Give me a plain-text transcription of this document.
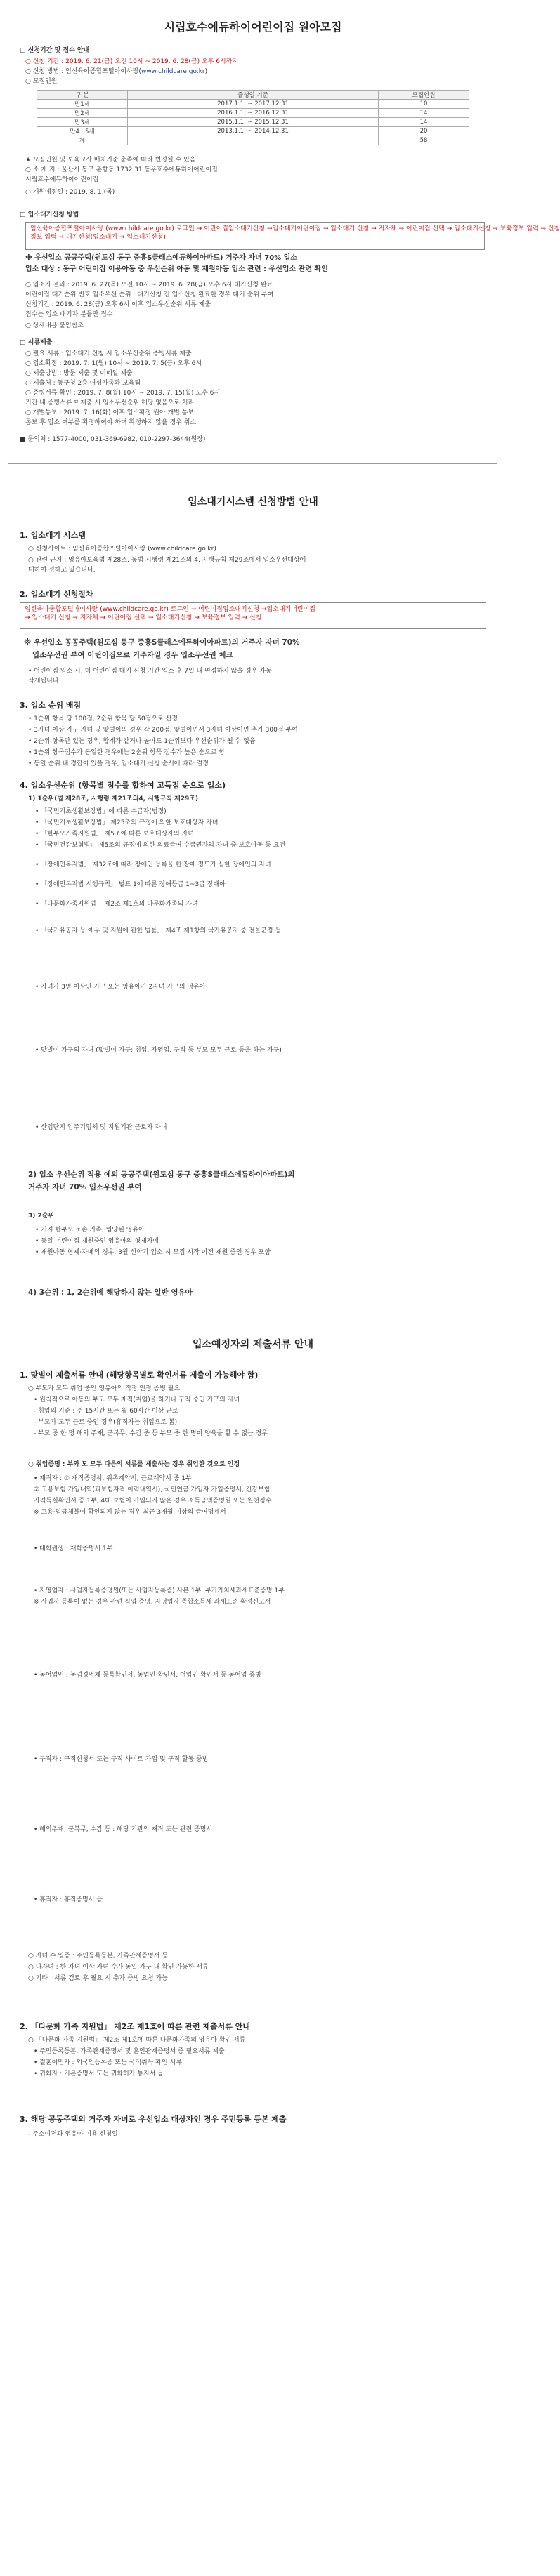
시립호수에듀하이어린이집 원아모집
□ 신청기간 및 접수 안내
○ 신청 기간 : 2019. 6. 21(금) 오전 10시 ~ 2019. 6. 28(금) 오후 6시까지
○ 신청 방법 : 임신육아종합포털아이사랑(www.childcare.go.kr)
○ 모집인원
구 분	출생일 기준	모집인원
만1세	2017.1.1. ~ 2017.12.31	10
만2세	2016.1.1. ~ 2016.12.31	14
만3세	2015.1.1. ~ 2015.12.31	14
만4 · 5세	2013.1.1. ~ 2014.12.31	20
계		58
★ 모집인원 및 보육교사 배치기준 충족에 따라 변경될 수 있음
○ 소 재 지 : 울산시 동구 춘향동 1732 31 동우호수에듀하이어린이집
시립호수에듀하이어린이집
○ 개원예정일 : 2019. 8. 1.(목)
□ 입소대기신청 방법
임신육아종합포털아이사랑 (www.childcare.go.kr) 로그인 → 어린이집입소대기신청 →입소대기어린이집 → 입소대기 신청 → 지자체 → 어린이집 선택 → 입소대기신청 → 보육정보 입력 → 신청
정보 입력 → 대기신청(입소대기 → 입소대기신청)
※ 우선입소 공공주택(원도심 동구 중흥S클래스에듀하이아파트) 거주자 자녀 70% 입소
입소 대상 : 동구 어린이집 이용아동 중 우선순위 아동 및 재원아동 입소 관련 : 우선입소 관련 확인
○ 입소자 결과 : 2019. 6. 27(목) 오전 10시 ~ 2019. 6. 28(금) 오후 6시 대기신청 완료
어린이집 대기순위 번호 입소우선 순위 : 대기신청 전 입소신청 완료한 경우 대기 순위 부여
신청기간 : 2019. 6. 28(금) 오후 6시 이후 입소우선순위 서류 제출
접수는 입소 대기자 분들만 접수
○ 상세내용 붙임참조
□ 서류제출
○ 필요 서류 : 입소대기 신청 시 입소우선순위 증빙서류 제출
○ 입소확정 : 2019. 7. 1(월) 10시 ~ 2019. 7. 5(금) 오후 6시
○ 제출방법 : 방문 제출 및 이메일 제출
○ 제출처 : 동구청 2층 여성가족과 보육팀
○ 증빙서류 확인 : 2019. 7. 8(월) 10시 ~ 2019. 7. 15(월) 오후 6시
기간 내 증빙서류 미제출 시 입소우선순위 해당 없음으로 처리
○ 개별통보 : 2019. 7. 16(화) 이후 입소확정 원아 개별 통보
통보 후 입소 여부를 확정하여야 하며 확정하지 않을 경우 취소
■ 문의처 : 1577-4000, 031-369-6982, 010-2297-3644(원장)
입소대기시스템 신청방법 안내
1. 입소대기 시스템
○ 신청사이트 : 임신육아종합포털아이사랑 (www.childcare.go.kr)
○ 관련 근거 : 영유아보육법 제28조, 동법 시행령 제21조의 4, 시행규칙 제29조에서 입소우선대상에
대하여 정하고 있습니다.
2. 입소대기 신청절차
임신육아종합포털아이사랑 (www.childcare.go.kr) 로그인 → 어린이집입소대기신청 →입소대기어린이집
→ 입소대기 신청 → 지자체 → 어린이집 선택 → 입소대기신청 → 보육정보 입력 → 신청
※ 우선입소 공공주택(원도심 동구 중흥S클래스에듀하이아파트)의 거주자 자녀 70%
입소우선권 부여 어린이집으로 거주자일 경우 입소우선권 체크
• 어린이집 입소 시, 더 어린이집 대기 신청 기간 입소 후 7일 내 면접하지 않을 경우 자동
삭제됩니다.
3. 입소 순위 배점
• 1순위 항목 당 100점, 2순위 항목 당 50점으로 산정
• 3자녀 이상 가구 자녀 및 맞벌이의 경우 각 200점, 맞벌이면서 3자녀 이상이면 추가 300점 부여
• 2순위 항목만 있는 경우, 합계가 같거나 높아도 1순위보다 우선순위가 될 수 없음
• 1순위 항목점수가 동일한 경우에는 2순위 항목 점수가 높은 순으로 함
• 동일 순위 내 경합이 있을 경우, 입소대기 신청 순서에 따라 결정
4. 입소우선순위 (항목별 점수를 합하여 고득점 순으로 입소)
1) 1순위(법 제28조, 시행령 제21조의4, 시행규칙 제29조)
• 「국민기초생활보장법」에 따른 수급자(법정)
• 「국민기초생활보장법」 제25조의 규정에 의한 보호대상자 자녀
• 「한부모가족지원법」 제5조에 따른 보호대상자의 자녀
• 「국민건강보험법」 제5조의 규정에 의한 의료급여 수급권자의 자녀 중 보호아동 등 요건
• 「장애인복지법」 제32조에 따라 장애인 등록을 한 장애 정도가 심한 장애인의 자녀
• 「장애인복지법 시행규칙」 별표 1에 따른 장애등급 1~3급 장애아
• 「다문화가족지원법」 제2조 제1호의 다문화가족의 자녀
• 「국가유공자 등 예우 및 지원에 관한 법률」 제4조 제1항의 국가유공자 중 전몰군경 등
• 자녀가 3명 이상인 가구 또는 영유아가 2자녀 가구의 영유아
• 맞벌이 가구의 자녀 (맞벌이 가구: 취업, 자영업, 구직 등 부모 모두 근로 등을 하는 가구)
• 산업단지 입주기업체 및 지원기관 근로자 자녀
2) 입소 우선순위 적용 예외 공공주택(원도심 동구 중흥S클래스에듀하이아파트)의
거주자 자녀 70% 입소우선권 부여
3) 2순위
• 거지 한부모 조손 가족, 입양된 영유아
• 동일 어린이집 재원중인 영유아의 형제자매
• 재원아동 형제·자매의 경우, 3월 신학기 입소 시 모집 시작 이전 재원 중인 경우 포함
4) 3순위 : 1, 2순위에 해당하지 않는 일반 영유아
입소예정자의 제출서류 안내
1. 맞벌이 제출서류 안내 (해당항목별로 확인서류 제출이 가능해야 함)
○ 부모가 모두 취업 중인 영유아의 적정 인정 증빙 필요
• 원칙적으로 아동의 부모 모두 재직(취업)을 하거나 구직 중인 가구의 자녀
- 취업의 기준 : 주 15시간 또는 월 60시간 이상 근로
- 부모가 모두 근로 중인 경우(휴직자는 취업으로 봄)
- 부모 중 한 명 해외 주재, 군복무, 수감 중 등 부모 중 한 명이 양육을 할 수 없는 경우
○ 취업증명 : 부와 모 모두 다음의 서류를 제출하는 경우 취업한 것으로 인정
• 재직자 : ① 재직증명서, 위촉계약서, 근로계약서 중 1부
② 고용보험 가입내역(피보험자격 이력내역서), 국민연금 가입자 가입증명서, 건강보험
자격득실확인서 중 1부, 4대 보험이 가입되지 않은 경우 소득금액증명원 또는 원천징수
※ 고용·임금체불이 확인되지 않는 경우 최근 3개월 이상의 급여명세서
• 대학원생 : 재학증명서 1부
• 자영업자 : 사업자등록증명원(또는 사업자등록증) 사본 1부, 부가가치세과세표준증명 1부
※ 사업자 등록이 없는 경우 관련 직업 증명, 자영업자 종합소득세 과세표준 확정신고서
• 농어업인 : 농업경영체 등록확인서, 농업인 확인서, 어업인 확인서 등 농어업 증빙
• 구직자 : 구직신청서 또는 구직 사이트 가입 및 구직 활동 증빙
• 해외주재, 군복무, 수감 등 : 해당 기관의 재직 또는 관련 증명서
• 휴직자 : 휴직증명서 등
○ 자녀 수 입증 : 주민등록등본, 가족관계증명서 등
○ 다자녀 : 한 자녀 이상 자녀 수가 동일 가구 내 확인 가능한 서류
○ 기타 : 서류 검토 후 필요 시 추가 증빙 요청 가능
2. 「다문화 가족 지원법」 제2조 제1호에 따른 관련 제출서류 안내
○ 「다문화 가족 지원법」 제2조 제1호에 따른 다문화가족의 영유아 확인 서류
• 주민등록등본, 가족관계증명서 및 혼인관계증명서 중 필요서류 제출
• 결혼이민자 : 외국인등록증 또는 국적취득 확인 서류
• 귀화자 : 기본증명서 또는 귀화허가 통지서 등
3. 해당 공동주택의 거주자 자녀로 우선입소 대상자인 경우 주민등록 등본 제출
- 주소이전과 영유아 이용 신청일
